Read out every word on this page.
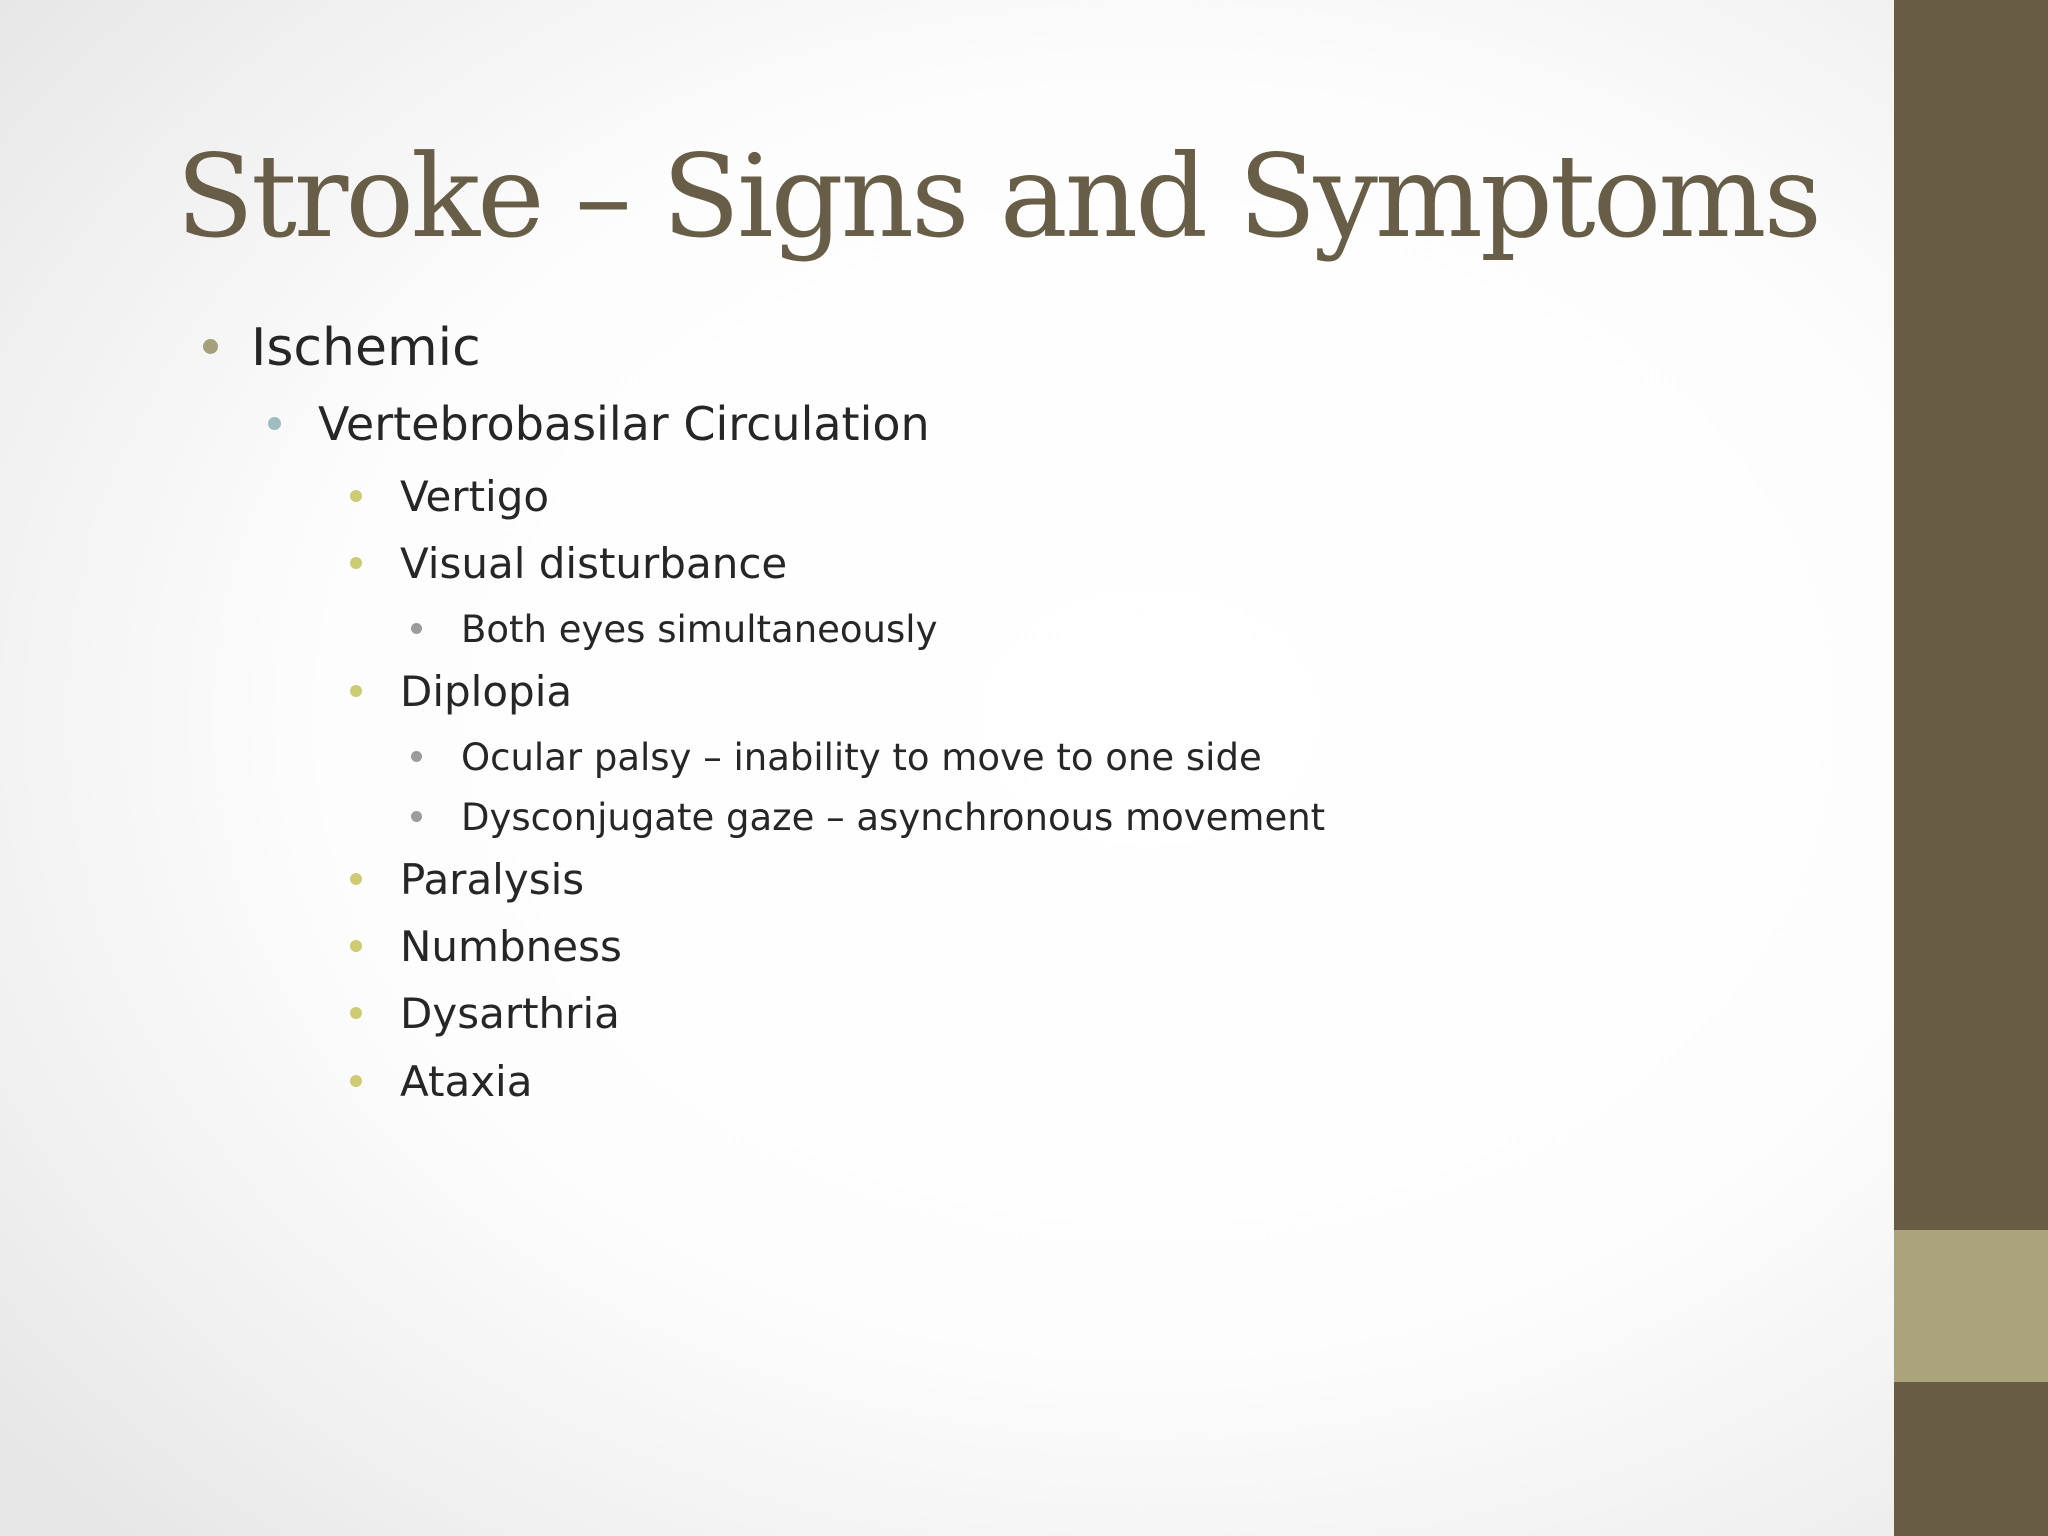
Stroke – Signs and Symptoms
Ischemic
Vertebrobasilar Circulation
Vertigo
Visual disturbance
Both eyes simultaneously
Diplopia
Ocular palsy – inability to move to one side
Dysconjugate gaze – asynchronous movement
Paralysis
Numbness
Dysarthria
Ataxia
